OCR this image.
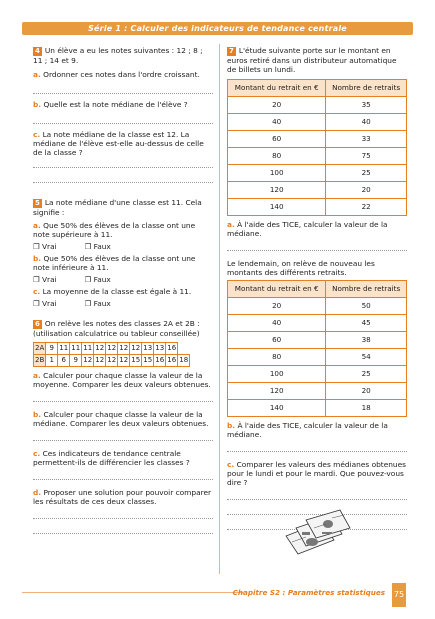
Série 1 : Calculer des indicateurs de tendance centrale

4 Un élève a eu les notes suivantes : 12 ; 8 ; 11 ; 14 et 9.

a. Ordonner ces notes dans l'ordre croissant.

b. Quelle est la note médiane de l'élève ?

c. La note médiane de la classe est 12. La médiane de l'élève est-elle au-dessus de celle de la classe ?

5 La note médiane d'une classe est 11. Cela signifie :

a. Que 50% des élèves de la classe ont une note supérieure à 11.

❐ Vrai	❐ Faux

b. Que 50% des élèves de la classe ont une note inférieure à 11.

❐ Vrai	❐ Faux

c. La moyenne de la classe est égale à 11.

❐ Vrai	❐ Faux

6 On relève les notes des classes 2A et 2B : (utilisation calculatrice ou tableur conseillée)

2A	9	11	11	11	12	12	12	12	13	13	16	
2B	1	6	9	12	12	12	12	15	15	16	16	18

a. Calculer pour chaque classe la valeur de la moyenne. Comparer les deux valeurs obtenues.

b. Calculer pour chaque classe la valeur de la médiane. Comparer les deux valeurs obtenues.

c. Ces indicateurs de tendance centrale permettent-ils de différencier les classes ?

d. Proposer une solution pour pouvoir comparer les résultats de ces deux classes.

7 L'étude suivante porte sur le montant en euros retiré dans un distributeur automatique de billets un lundi.

Montant du retrait en €	Nombre de retraits
20	35
40	40
60	33
80	75
100	25
120	20
140	22

a. À l'aide des TICE, calculer la valeur de la médiane.

Le lendemain, on relève de nouveau les montants des différents retraits.

Montant du retrait en €	Nombre de retraits
20	50
40	45
60	38
80	54
100	25
120	20
140	18

b. À l'aide des TICE, calculer la valeur de la médiane.

c. Comparer les valeurs des médianes obtenues pour le lundi et pour le mardi. Que pouvez-vous dire ?

Chapitre S2 : Paramètres statistiques 75
